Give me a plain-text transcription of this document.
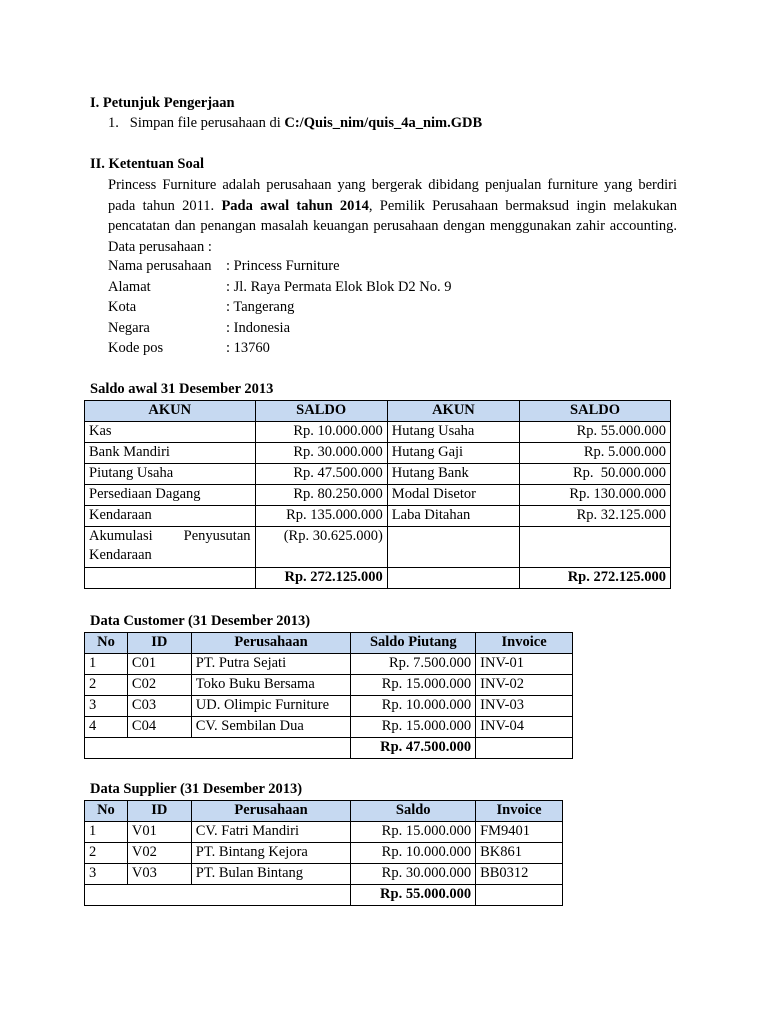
I. Petunjuk Pengerjaan
1.   Simpan file perusahaan di C:/Quis_nim/quis_4a_nim.GDB
II. Ketentuan Soal
Princess Furniture adalah perusahaan yang bergerak dibidang penjualan furniture yang berdiri pada tahun 2011. Pada awal tahun 2014, Pemilik Perusahaan bermaksud ingin melakukan pencatatan dan penangan masalah keuangan perusahaan dengan menggunakan zahir accounting. Data perusahaan :
Nama perusahaan : Princess Furniture
Alamat	: Jl. Raya Permata Elok Blok D2 No. 9
Kota	: Tangerang
Negara	: Indonesia
Kode pos	: 13760
Saldo awal 31 Desember 2013
AKUN	SALDO	AKUN	SALDO
Kas	Rp. 10.000.000	Hutang Usaha	Rp. 55.000.000
Bank Mandiri	Rp. 30.000.000	Hutang Gaji	Rp. 5.000.000
Piutang Usaha	Rp. 47.500.000	Hutang Bank	Rp.  50.000.000
Persediaan Dagang	Rp. 80.250.000	Modal Disetor	Rp. 130.000.000
Kendaraan	Rp. 135.000.000	Laba Ditahan	Rp. 32.125.000

Akumulasi Penyusutan
Kendaraan	(Rp. 30.625.000)		
	Rp. 272.125.000		Rp. 272.125.000
Data Customer (31 Desember 2013)
No	ID	Perusahaan	Saldo Piutang	Invoice
1	C01	PT. Putra Sejati	Rp. 7.500.000	INV-01
2	C02	Toko Buku Bersama	Rp. 15.000.000	INV-02
3	C03	UD. Olimpic Furniture	Rp. 10.000.000	INV-03
4	C04	CV. Sembilan Dua	Rp. 15.000.000	INV-04
			Rp. 47.500.000	
Data Supplier (31 Desember 2013)
No	ID	Perusahaan	Saldo	Invoice
1	V01	CV. Fatri Mandiri	Rp. 15.000.000	FM9401
2	V02	PT. Bintang Kejora	Rp. 10.000.000	BK861
3	V03	PT. Bulan Bintang	Rp. 30.000.000	BB0312
			Rp. 55.000.000	
